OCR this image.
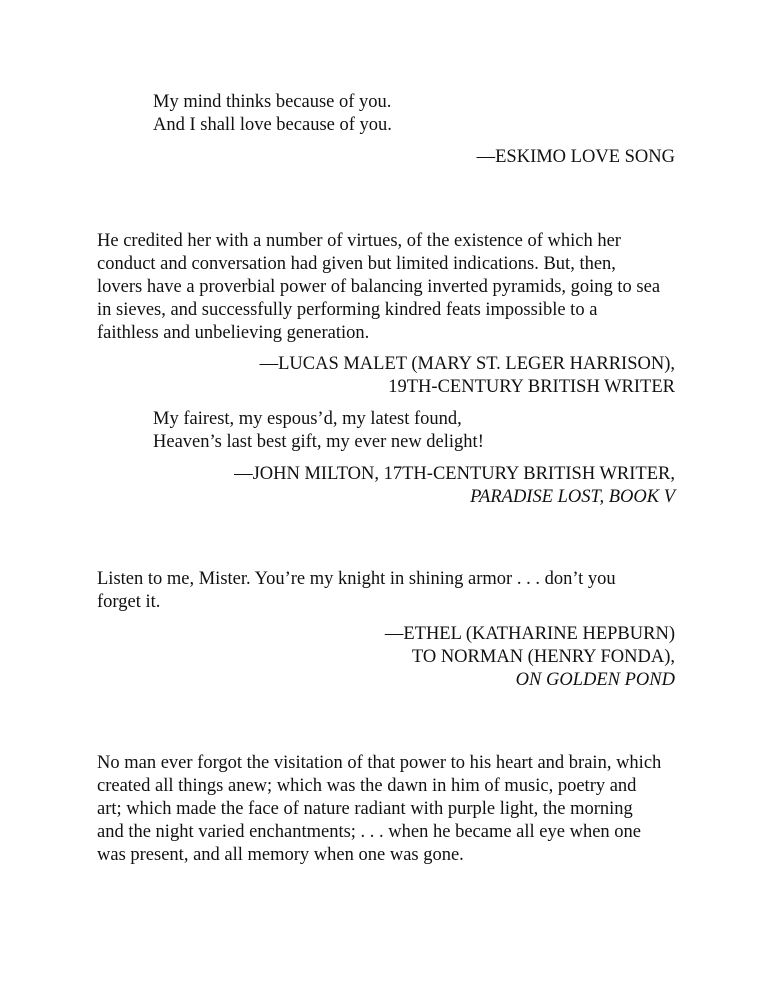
My mind thinks because of you.
And I shall love because of you.
—ESKIMO LOVE SONG
He credited her with a number of virtues, of the existence of which her
conduct and conversation had given but limited indications. But, then,
lovers have a proverbial power of balancing inverted pyramids, going to sea
in sieves, and successfully performing kindred feats impossible to a
faithless and unbelieving generation.
—LUCAS MALET (MARY ST. LEGER HARRISON),
19TH-CENTURY BRITISH WRITER
My fairest, my espous’d, my latest found,
Heaven’s last best gift, my ever new delight!
—JOHN MILTON, 17TH-CENTURY BRITISH WRITER,
PARADISE LOST, BOOK V
Listen to me, Mister. You’re my knight in shining armor . . . don’t you
forget it.
—ETHEL (KATHARINE HEPBURN)
TO NORMAN (HENRY FONDA),
ON GOLDEN POND
No man ever forgot the visitation of that power to his heart and brain, which
created all things anew; which was the dawn in him of music, poetry and
art; which made the face of nature radiant with purple light, the morning
and the night varied enchantments; . . . when he became all eye when one
was present, and all memory when one was gone.
